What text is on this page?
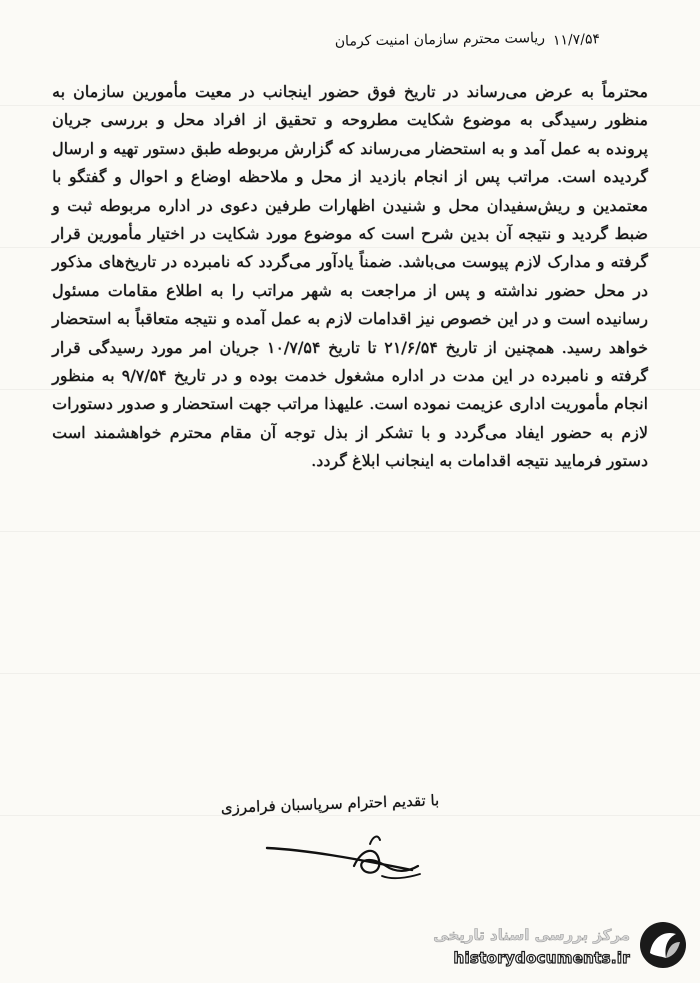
۱۱/۷/۵۴
ریاست محترم سازمان امنیت کرمان

محترماً به عرض می‌رساند در تاریخ فوق حضور اینجانب در معیت مأمورین سازمان به منظور رسیدگی به موضوع شکایت مطروحه و تحقیق از افراد محل و بررسی جریان پرونده به عمل آمد و به استحضار می‌رساند که گزارش مربوطه طبق دستور تهیه و ارسال گردیده است. مراتب پس از انجام بازدید از محل و ملاحظه اوضاع و احوال و گفتگو با معتمدین و ریش‌سفیدان محل و شنیدن اظهارات طرفین دعوی در اداره مربوطه ثبت و ضبط گردید و نتیجه آن بدین شرح است که موضوع مورد شکایت در اختیار مأمورین قرار گرفته و مدارک لازم پیوست می‌باشد. ضمناً یادآور می‌گردد که نامبرده در تاریخ‌های مذکور در محل حضور نداشته و پس از مراجعت به شهر مراتب را به اطلاع مقامات مسئول رسانیده است و در این خصوص نیز اقدامات لازم به عمل آمده و نتیجه متعاقباً به استحضار خواهد رسید. همچنین از تاریخ ۲۱/۶/۵۴ تا تاریخ ۱۰/۷/۵۴ جریان امر مورد رسیدگی قرار گرفته و نامبرده در این مدت در اداره مشغول خدمت بوده و در تاریخ ۹/۷/۵۴ به منظور انجام مأموریت اداری عزیمت نموده است. علیهذا مراتب جهت استحضار و صدور دستورات لازم به حضور ایفاد می‌گردد و با تشکر از بذل توجه آن مقام محترم خواهشمند است دستور فرمایید نتیجه اقدامات به اینجانب ابلاغ گردد.

با تقدیم احترام سرپاسبان فرامرزی
مرکز بررسی اسناد تاریخی
historydocuments.ir
